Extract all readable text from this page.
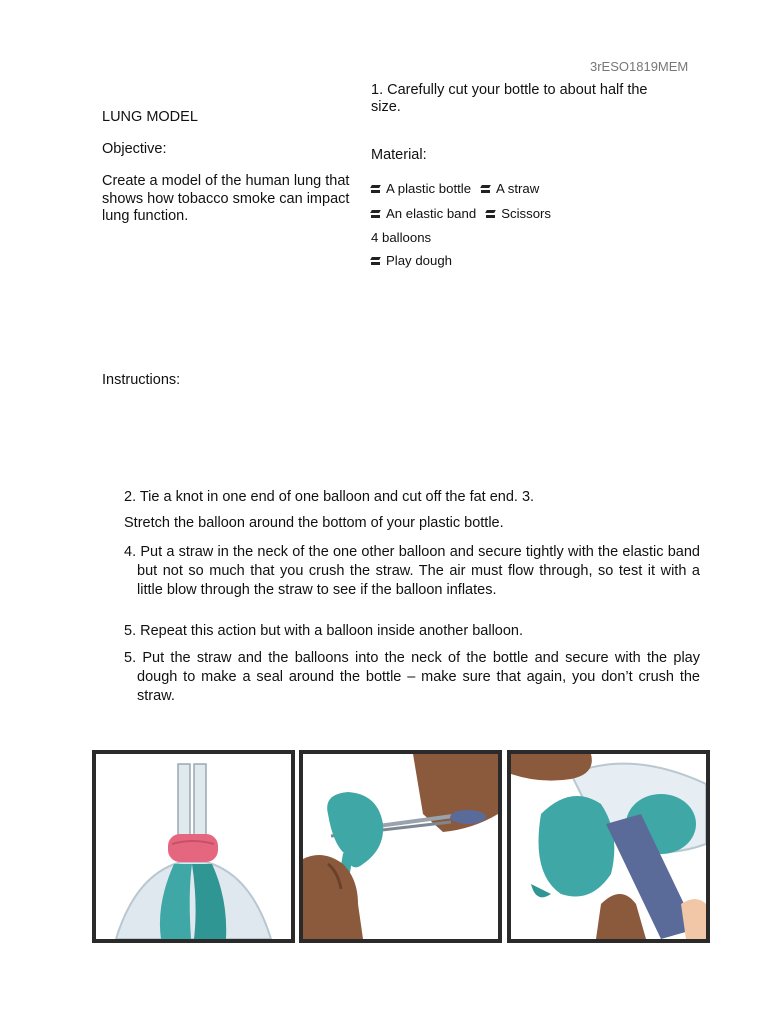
3rESO1819MEM
1. Carefully cut your bottle to about half the size.
LUNG MODEL
Objective:
Create a model of the human lung that shows how tobacco smoke can impact lung function.
Material:
A plastic bottle A straw
An elastic band Scissors
4 balloons
Play dough
Instructions:

2. Tie a knot in one end of one balloon and cut off the fat end. 3.

Stretch the balloon around the bottom of your plastic bottle.

4. Put a straw in the neck of the one other balloon and secure tightly with the elastic band but not so much that you crush the straw. The air must flow through, so test it with a little blow through the straw to see if the balloon inflates.

5. Repeat this action but with a balloon inside another balloon.

5. Put the straw and the balloons into the neck of the bottle and secure with the play dough to make a seal around the bottle – make sure that again, you don’t crush the straw.
